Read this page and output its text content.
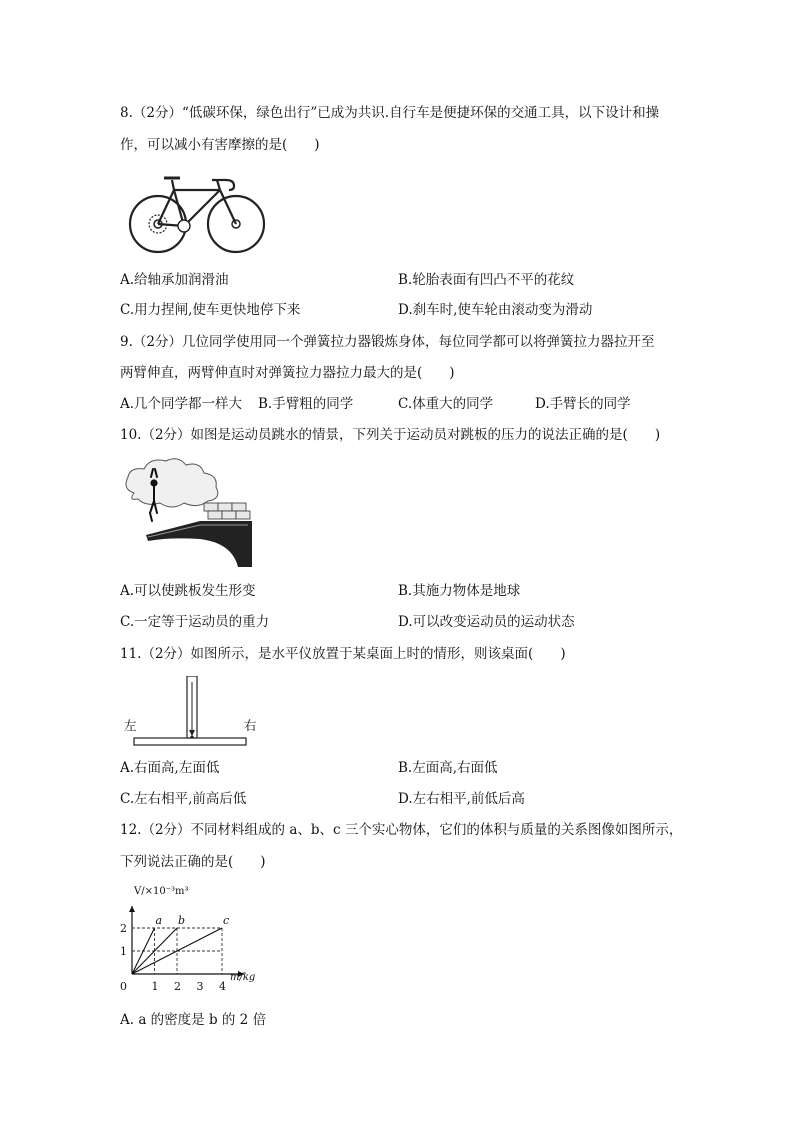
8.（2分）“低碳环保，绿色出行”已成为共识.自行车是便捷环保的交通工具，以下设计和操
作，可以减小有害摩擦的是(　　)
A.给轴承加润滑油	B.轮胎表面有凹凸不平的花纹
C.用力捏闸,使车更快地停下来	D.刹车时,使车轮由滚动变为滑动
9.（2分）几位同学使用同一个弹簧拉力器锻炼身体，每位同学都可以将弹簧拉力器拉开至
两臂伸直，两臂伸直时对弹簧拉力器拉力最大的是(　　)
A.几个同学都一样大 B.手臂粗的同学	C.体重大的同学	D.手臂长的同学
10.（2分）如图是运动员跳水的情景，下列关于运动员对跳板的压力的说法正确的是(　　)
A.可以使跳板发生形变	B.其施力物体是地球
C.一定等于运动员的重力	D.可以改变运动员的运动状态
11.（2分）如图所示，是水平仪放置于某桌面上时的情形，则该桌面(　　)
左	右
A.右面高,左面低	B.左面高,右面低
C.左右相平,前高后低	D.左右相平,前低后高
12.（2分）不同材料组成的 a、b、c 三个实心物体，它们的体积与质量的关系图像如图所示，
下列说法正确的是(　　)
a b	c
1 2 3 4
1
2
0
m/kg
V/×10⁻³m³
A. a 的密度是 b 的 2 倍
